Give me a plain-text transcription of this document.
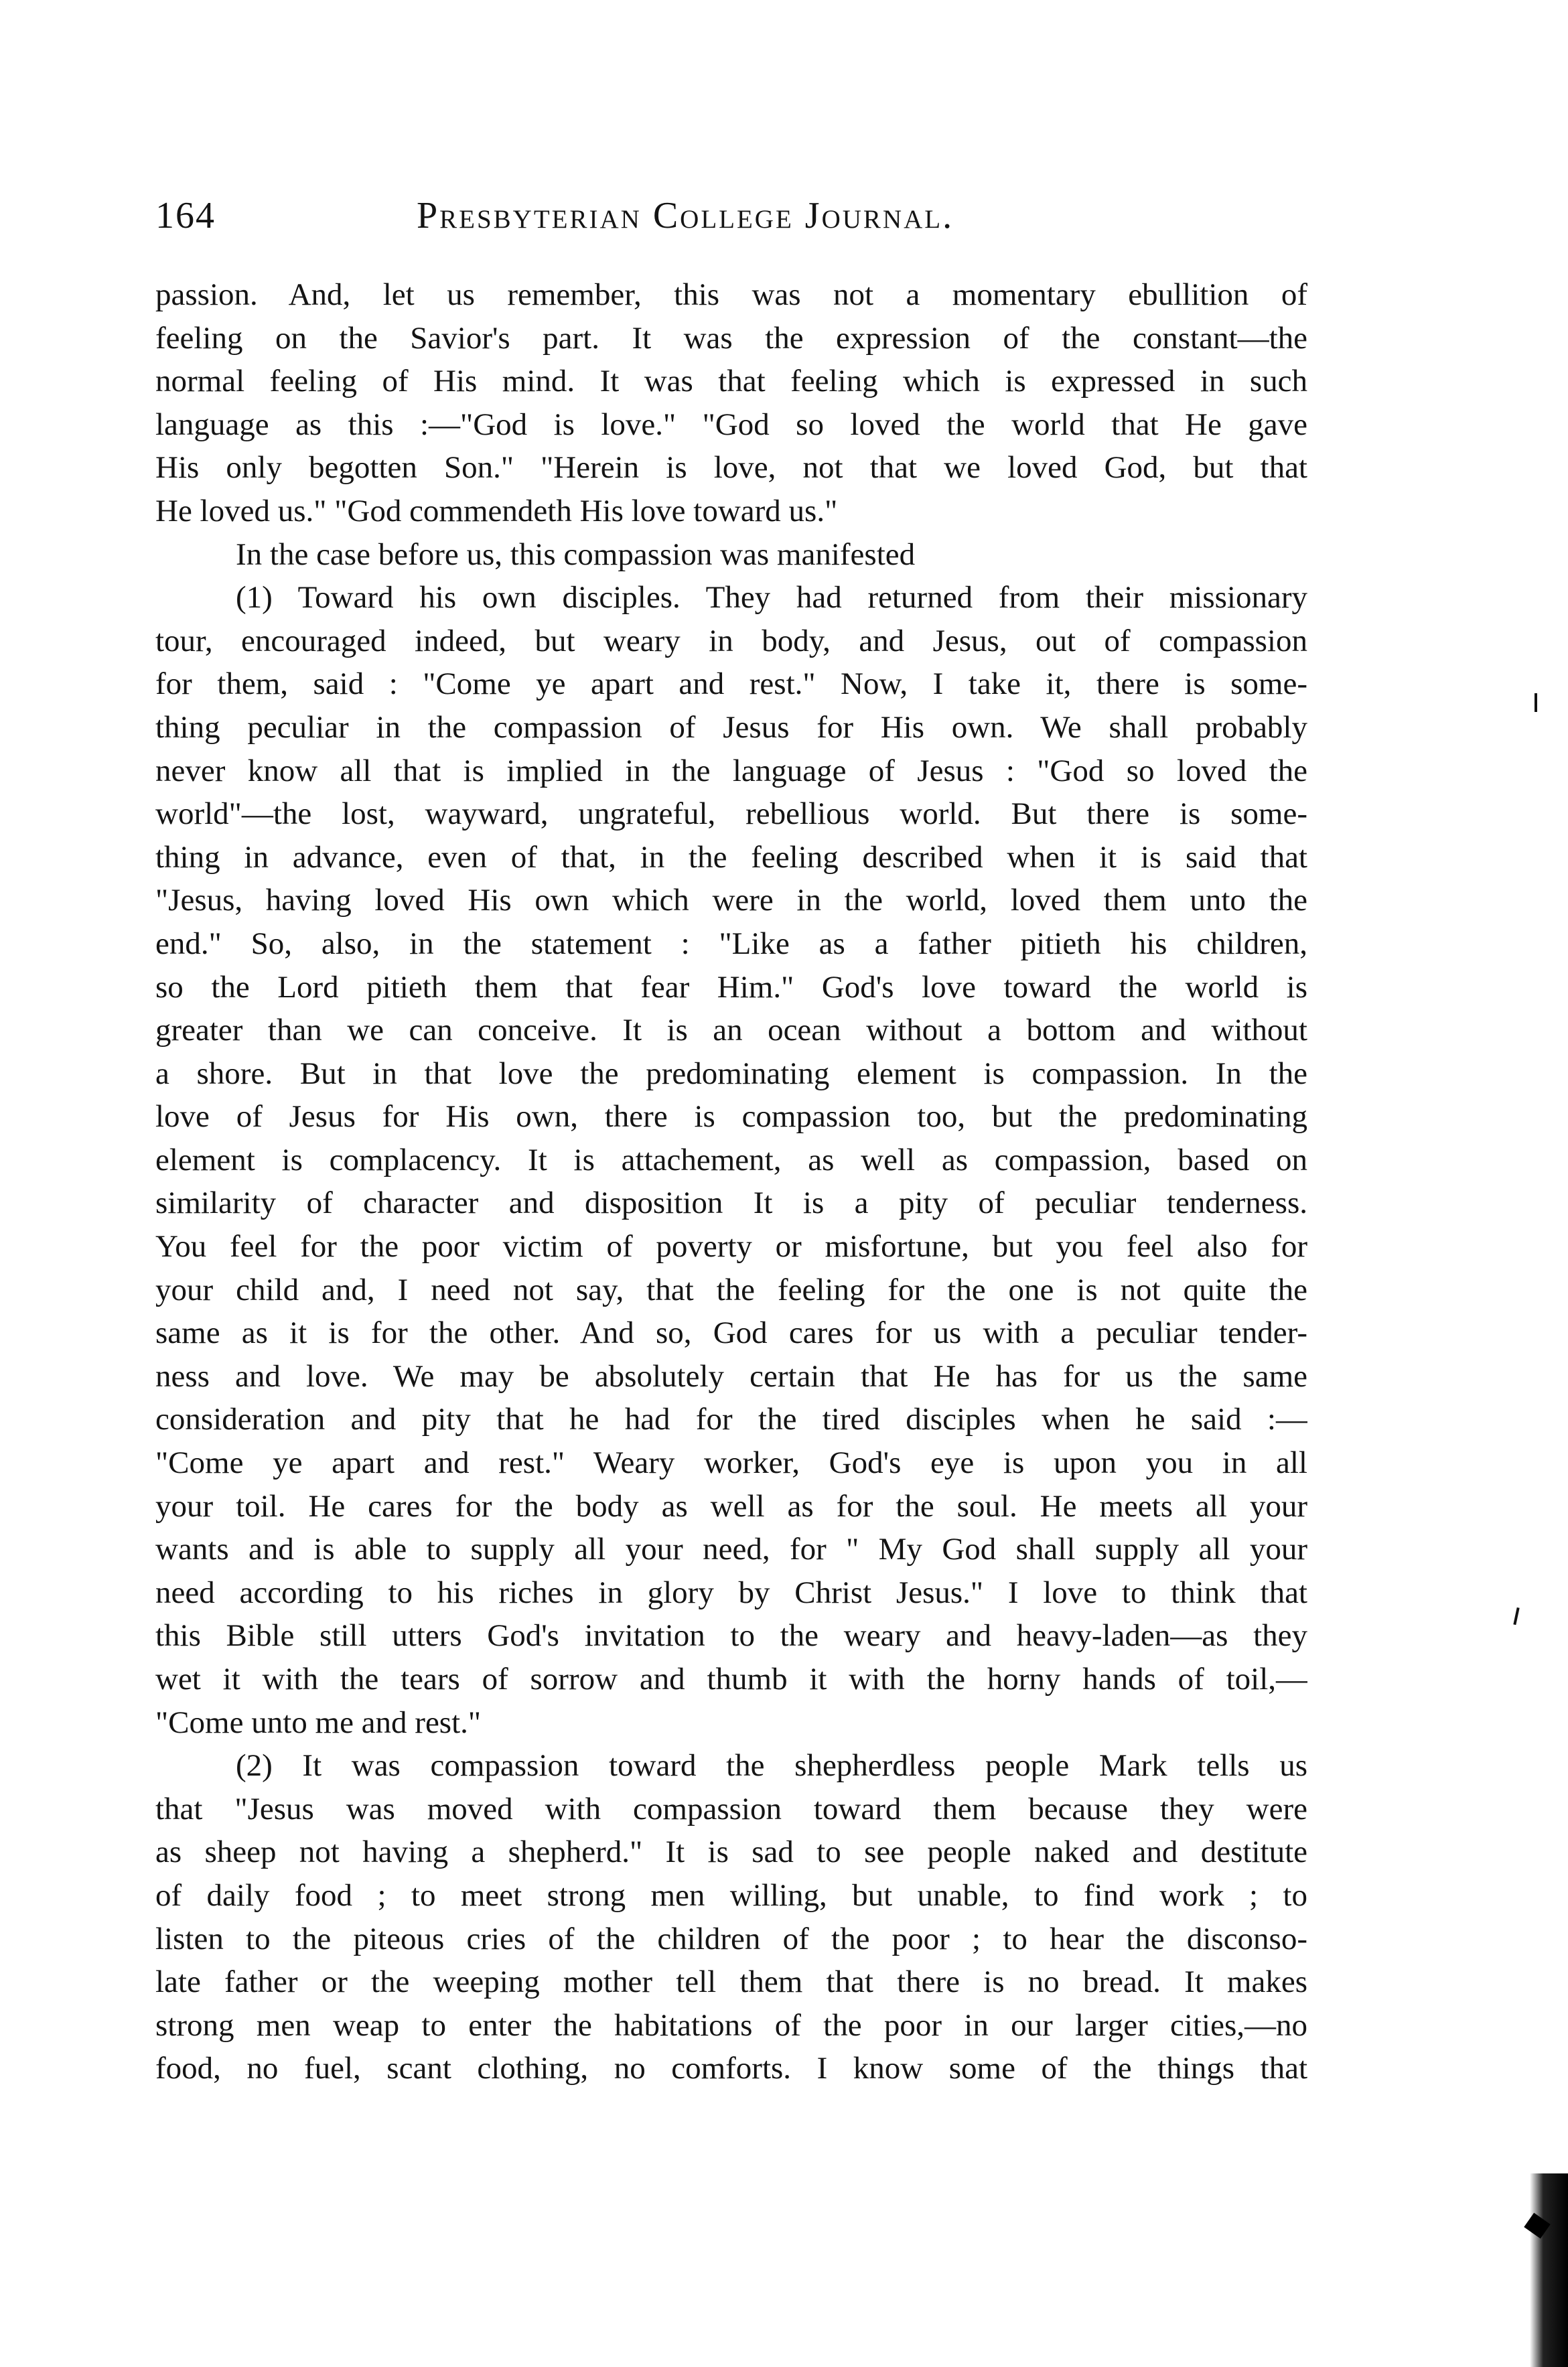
164	Presbyterian College Journal.
passion. And, let us remember, this was not a momentary ebullition of
feeling on the Savior's part. It was the expression of the constant—the
normal feeling of His mind. It was that feeling which is expressed in such
language as this :—"God is love." "God so loved the world that He gave
His only begotten Son." "Herein is love, not that we loved God, but that
He loved us." "God commendeth His love toward us."
In the case before us, this compassion was manifested
(1) Toward his own disciples. They had returned from their missionary
tour, encouraged indeed, but weary in body, and Jesus, out of compassion
for them, said : "Come ye apart and rest." Now, I take it, there is some-
thing peculiar in the compassion of Jesus for His own. We shall probably
never know all that is implied in the language of Jesus : "God so loved the
world"—the lost, wayward, ungrateful, rebellious world. But there is some-
thing in advance, even of that, in the feeling described when it is said that
"Jesus, having loved His own which were in the world, loved them unto the
end." So, also, in the statement : "Like as a father pitieth his children,
so the Lord pitieth them that fear Him." God's love toward the world is
greater than we can conceive. It is an ocean without a bottom and without
a shore. But in that love the predominating element is compassion. In the
love of Jesus for His own, there is compassion too, but the predominating
element is complacency. It is attachement, as well as compassion, based on
similarity of character and disposition It is a pity of peculiar tenderness.
You feel for the poor victim of poverty or misfortune, but you feel also for
your child and, I need not say, that the feeling for the one is not quite the
same as it is for the other. And so, God cares for us with a peculiar tender-
ness and love. We may be absolutely certain that He has for us the same
consideration and pity that he had for the tired disciples when he said :—
"Come ye apart and rest." Weary worker, God's eye is upon you in all
your toil. He cares for the body as well as for the soul. He meets all your
wants and is able to supply all your need, for " My God shall supply all your
need according to his riches in glory by Christ Jesus." I love to think that
this Bible still utters God's invitation to the weary and heavy-laden—as they
wet it with the tears of sorrow and thumb it with the horny hands of toil,—
"Come unto me and rest."
(2) It was compassion toward the shepherdless people Mark tells us
that "Jesus was moved with compassion toward them because they were
as sheep not having a shepherd." It is sad to see people naked and destitute
of daily food ; to meet strong men willing, but unable, to find work ; to
listen to the piteous cries of the children of the poor ; to hear the disconso-
late father or the weeping mother tell them that there is no bread. It makes
strong men weap to enter the habitations of the poor in our larger cities,—no
food, no fuel, scant clothing, no comforts. I know some of the things that
